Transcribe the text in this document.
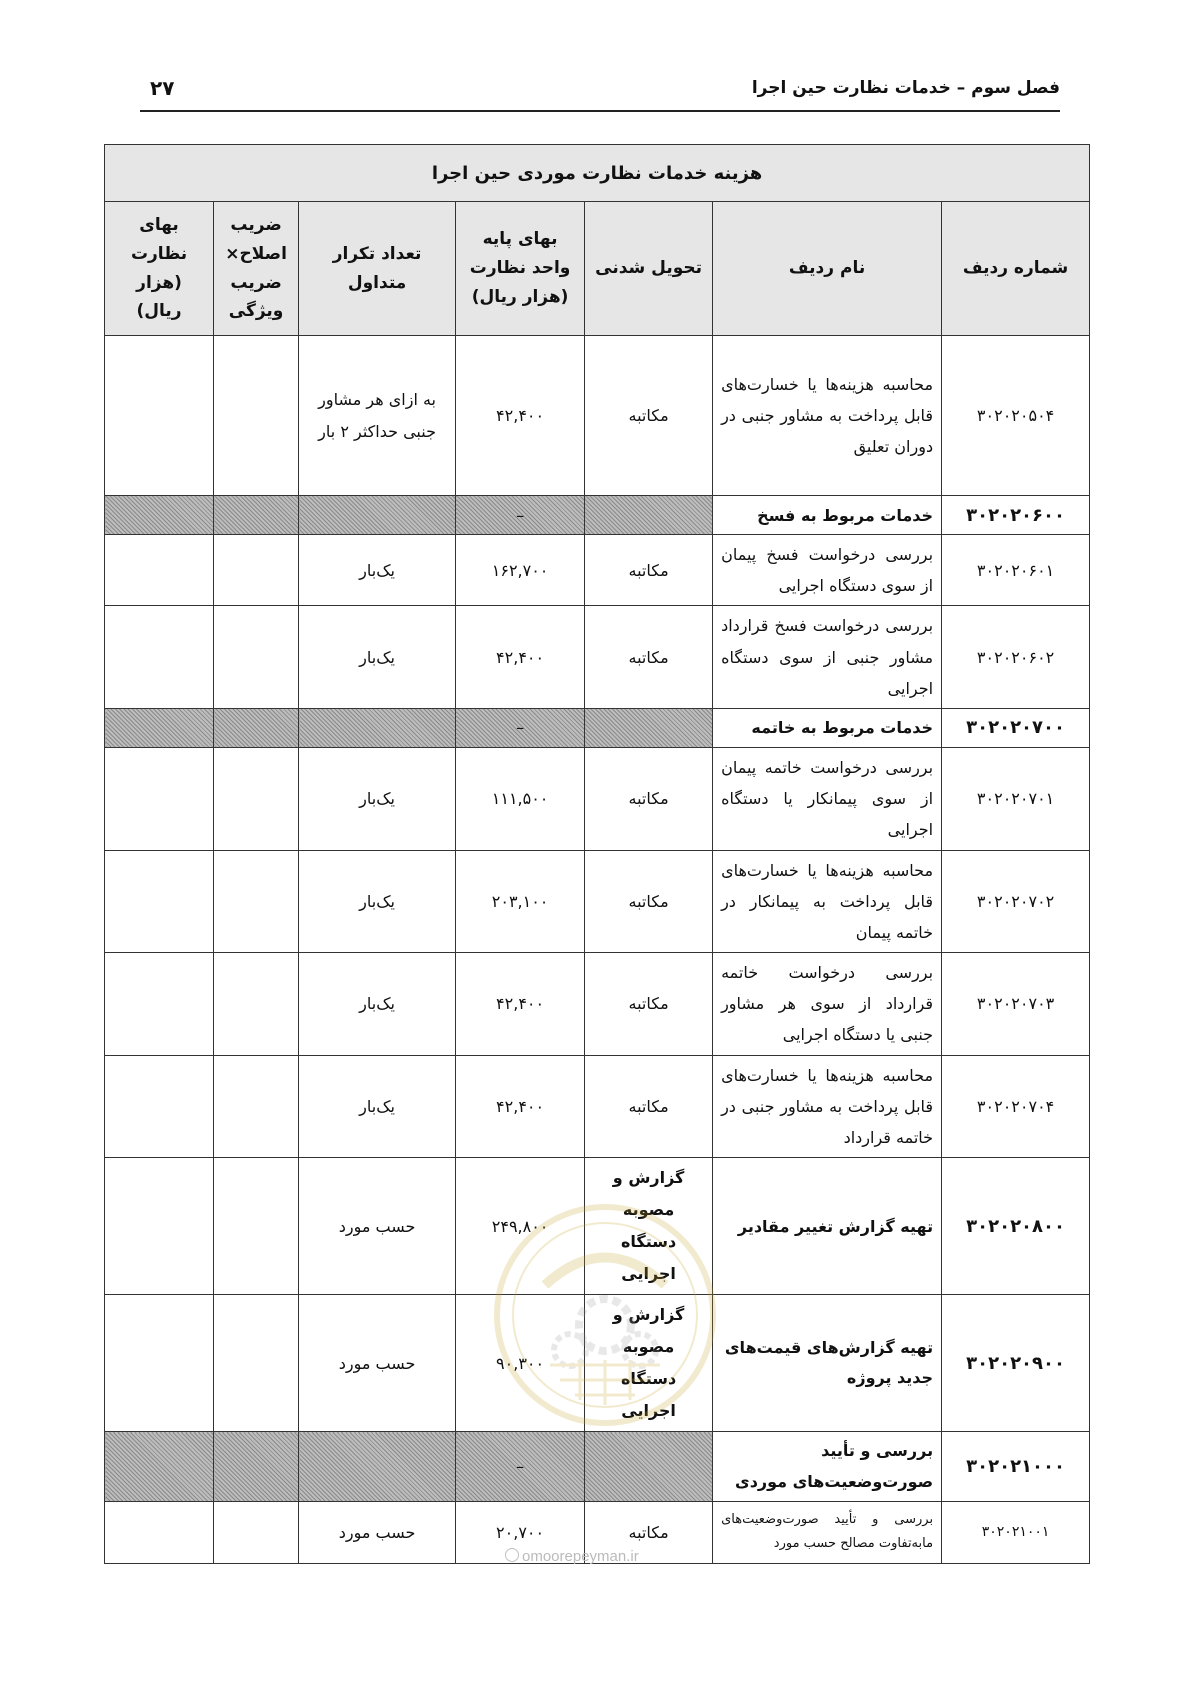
فصل سوم – خدمات نظارت حین اجرا
۲۷
هزینه خدمات نظارت موردی حین اجرا						
شماره ردیف	نام ردیف	تحویل شدنی	بهای پایه واحد نظارت (هزار ریال)	تعداد تکرار متداول	ضریب اصلاح× ضریب ویژگی	بهای نظارت (هزار ریال)
۳۰۲۰۲۰۵۰۴	محاسبه هزینه‌ها یا خسارت‌های قابل پرداخت به مشاور جنبی در دوران تعلیق	مکاتبه	۴۲,۴۰۰	به ازای هر مشاور جنبی حداکثر ۲ بار		
۳۰۲۰۲۰۶۰۰	خدمات مربوط به فسخ		–			
۳۰۲۰۲۰۶۰۱	بررسی درخواست فسخ پیمان از سوی دستگاه اجرایی	مکاتبه	۱۶۲,۷۰۰	یک‌بار		
۳۰۲۰۲۰۶۰۲	بررسی درخواست فسخ قرارداد مشاور جنبی از سوی دستگاه اجرایی	مکاتبه	۴۲,۴۰۰	یک‌بار		
۳۰۲۰۲۰۷۰۰	خدمات مربوط به خاتمه		–			
۳۰۲۰۲۰۷۰۱	بررسی درخواست خاتمه پیمان از سوی پیمانکار یا دستگاه اجرایی	مکاتبه	۱۱۱,۵۰۰	یک‌بار		
۳۰۲۰۲۰۷۰۲	محاسبه هزینه‌ها یا خسارت‌های قابل پرداخت به پیمانکار در خاتمه پیمان	مکاتبه	۲۰۳,۱۰۰	یک‌بار		
۳۰۲۰۲۰۷۰۳	بررسی درخواست خاتمه قرارداد از سوی هر مشاور جنبی یا دستگاه اجرایی	مکاتبه	۴۲,۴۰۰	یک‌بار		
۳۰۲۰۲۰۷۰۴	محاسبه هزینه‌ها یا خسارت‌های قابل پرداخت به مشاور جنبی در خاتمه قرارداد	مکاتبه	۴۲,۴۰۰	یک‌بار		
۳۰۲۰۲۰۸۰۰	تهیه گزارش تغییر مقادیر	گزارش و مصوبه دستگاه اجرایی	۲۴۹,۸۰۰	حسب مورد		
۳۰۲۰۲۰۹۰۰	تهیه گزارش‌های قیمت‌های جدید پروژه	گزارش و مصوبه دستگاه اجرایی	۹۰,۳۰۰	حسب مورد		
۳۰۲۰۲۱۰۰۰	بررسی و تأیید صورت‌وضعیت‌های موردی		–			
۳۰۲۰۲۱۰۰۱	بررسی و تأیید صورت‌وضعیت‌های مابه‌تفاوت مصالح حسب مورد	مکاتبه	۲۰,۷۰۰	حسب مورد		
omoorepeyman.ir
